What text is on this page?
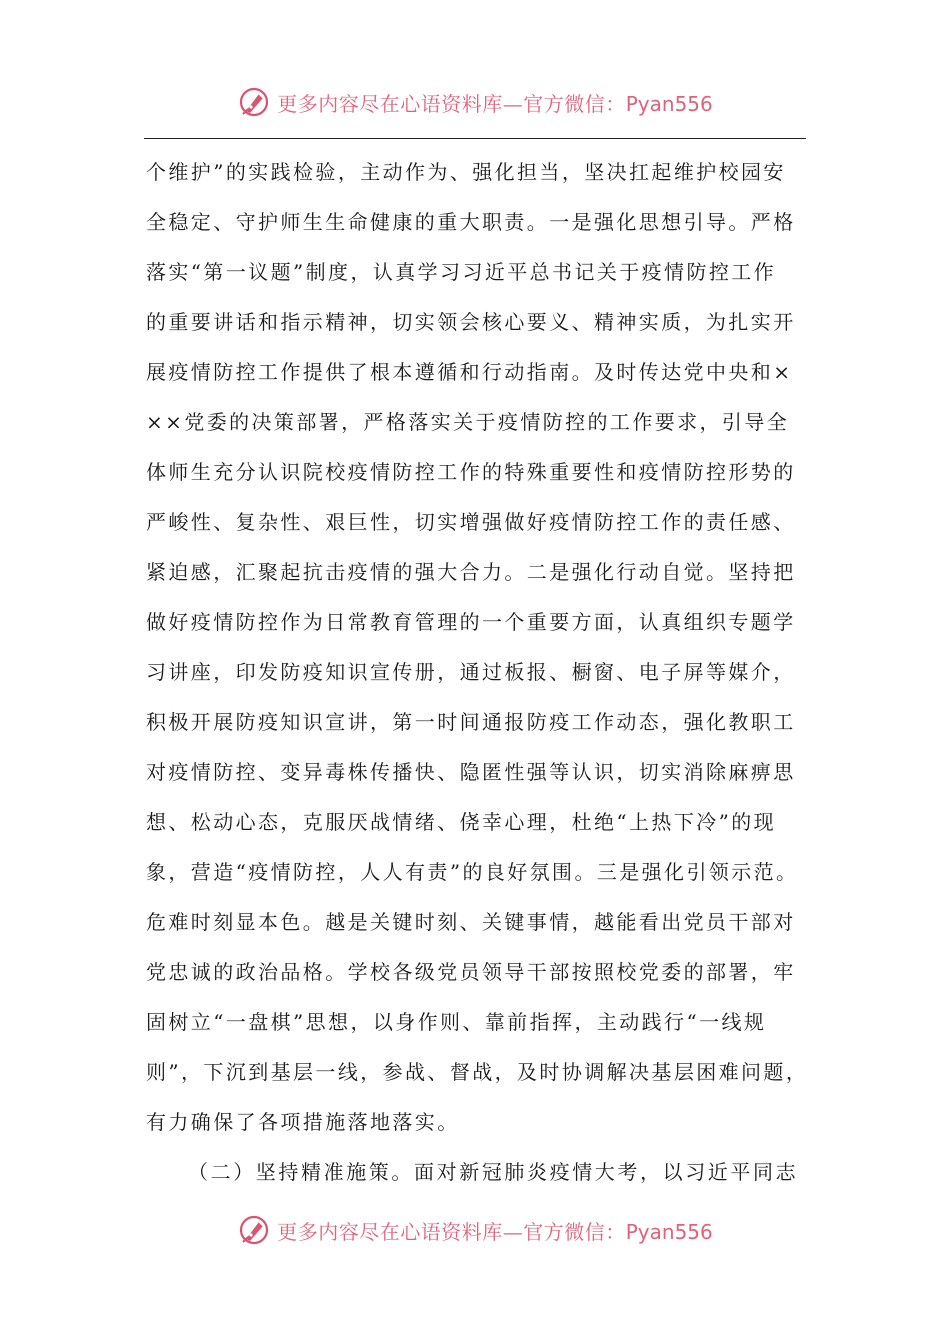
更多内容尽在心语资料库—官方微信：Pyan556
个维护”的实践检验，主动作为、强化担当，坚决扛起维护校园安
全稳定、守护师生生命健康的重大职责。一是强化思想引导。严格
落实“第一议题”制度，认真学习习近平总书记关于疫情防控工作
的重要讲话和指示精神，切实领会核心要义、精神实质，为扎实开
展疫情防控工作提供了根本遵循和行动指南。及时传达党中央和×
××党委的决策部署，严格落实关于疫情防控的工作要求，引导全
体师生充分认识院校疫情防控工作的特殊重要性和疫情防控形势的
严峻性、复杂性、艰巨性，切实增强做好疫情防控工作的责任感、
紧迫感，汇聚起抗击疫情的强大合力。二是强化行动自觉。坚持把
做好疫情防控作为日常教育管理的一个重要方面，认真组织专题学
习讲座，印发防疫知识宣传册，通过板报、橱窗、电子屏等媒介，
积极开展防疫知识宣讲，第一时间通报防疫工作动态，强化教职工
对疫情防控、变异毒株传播快、隐匿性强等认识，切实消除麻痹思
想、松动心态，克服厌战情绪、侥幸心理，杜绝“上热下冷”的现
象，营造“疫情防控，人人有责”的良好氛围。三是强化引领示范。
危难时刻显本色。越是关键时刻、关键事情，越能看出党员干部对
党忠诚的政治品格。学校各级党员领导干部按照校党委的部署，牢
固树立“一盘棋”思想，以身作则、靠前指挥，主动践行“一线规
则”，下沉到基层一线，参战、督战，及时协调解决基层困难问题，
有力确保了各项措施落地落实。
（二）坚持精准施策。面对新冠肺炎疫情大考，以习近平同志
更多内容尽在心语资料库—官方微信：Pyan556
